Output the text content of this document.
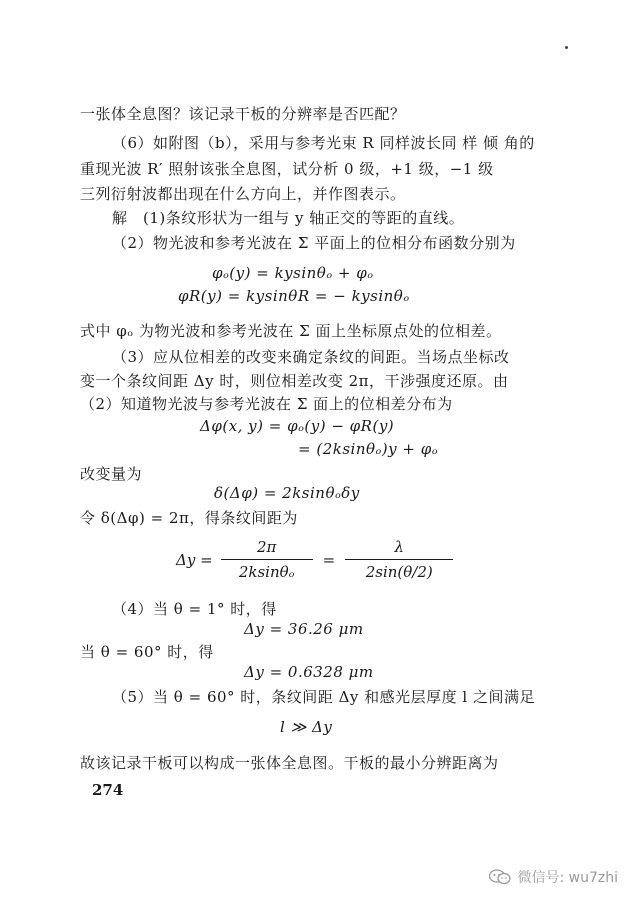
一张体全息图？该记录干板的分辨率是否匹配？
（6）如附图（b），采用与参考光束 R 同样波长同 样 倾 角的
重现光波 R′ 照射该张全息图，试分析 0 级，+1 级，−1 级
三列衍射波都出现在什么方向上，并作图表示。
解　(1)条纹形状为一组与 y 轴正交的等距的直线。
（2）物光波和参考光波在 Σ 平面上的位相分布函数分别为
φₒ(y) = kysinθₒ + φₒ
φR(y) = kysinθR = − kysinθₒ
式中 φₒ 为物光波和参考光波在 Σ 面上坐标原点处的位相差。
（3）应从位相差的改变来确定条纹的间距。当场点坐标改
变一个条纹间距 Δy 时，则位相差改变 2π，干涉强度还原。由
（2）知道物光波与参考光波在 Σ 面上的位相差分布为
Δφ(x, y) = φₒ(y) − φR(y)
= (2ksinθₒ)y + φₒ
改变量为
δ(Δφ) = 2ksinθₒδy
令 δ(Δφ) = 2π，得条纹间距为
$\Delta y = \frac{2\pi}{\text{2ksinθₒ}} = \frac{\lambda}{2\sin(\theta/2)}$
（4）当 θ = 1° 时，得
Δy = 36.26 μm
当 θ = 60° 时，得
Δy = 0.6328 μm
（5）当 θ = 60° 时，条纹间距 Δy 和感光层厚度 l 之间满足
l ≫ Δy
故该记录干板可以构成一张体全息图。干板的最小分辨距离为
274
微信号: wu7zhi
